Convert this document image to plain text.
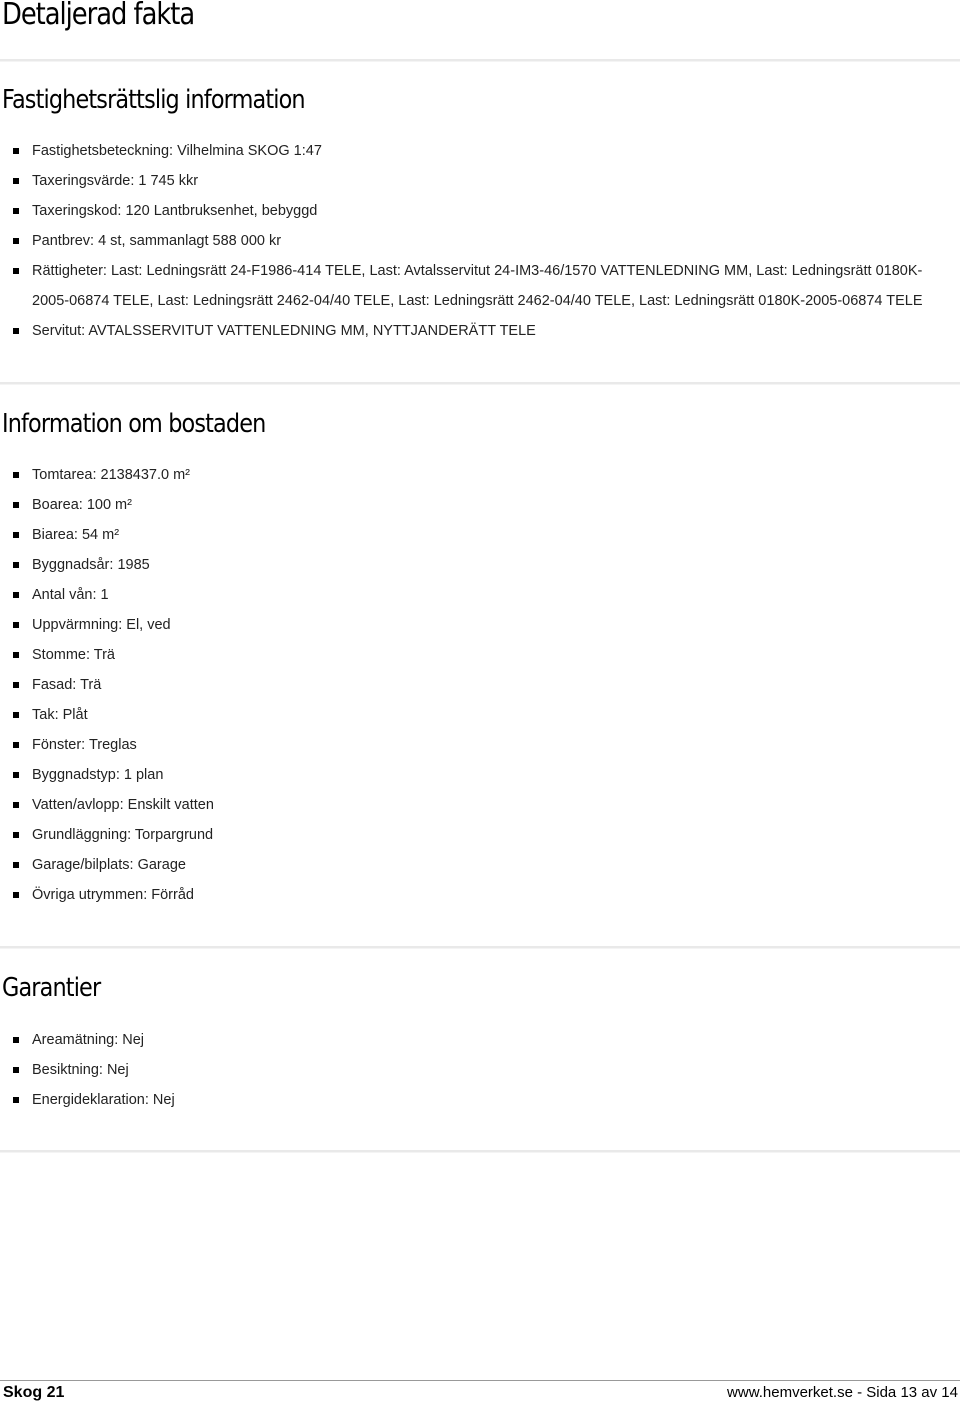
Detaljerad fakta
Fastighetsrättslig information
Fastighetsbeteckning: Vilhelmina SKOG 1:47
Taxeringsvärde: 1 745 kkr
Taxeringskod: 120 Lantbruksenhet, bebyggd
Pantbrev: 4 st, sammanlagt 588 000 kr
Rättigheter: Last: Ledningsrätt 24-F1986-414 TELE, Last: Avtalsservitut 24-IM3-46/1570 VATTENLEDNING MM, Last: Ledningsrätt 0180K-2005-06874 TELE, Last: Ledningsrätt 2462-04/40 TELE, Last: Ledningsrätt 2462-04/40 TELE, Last: Ledningsrätt 0180K-2005-06874 TELE
Servitut: AVTALSSERVITUT VATTENLEDNING MM, NYTTJANDERÄTT TELE
Information om bostaden
Tomtarea: 2138437.0 m²
Boarea: 100 m²
Biarea: 54 m²
Byggnadsår: 1985
Antal vån: 1
Uppvärmning: El, ved
Stomme: Trä
Fasad: Trä
Tak: Plåt
Fönster: Treglas
Byggnadstyp: 1 plan
Vatten/avlopp: Enskilt vatten
Grundläggning: Torpargrund
Garage/bilplats: Garage
Övriga utrymmen: Förråd
Garantier
Areamätning: Nej
Besiktning: Nej
Energideklaration: Nej
Skog 21	www.hemverket.se - Sida 13 av 14
